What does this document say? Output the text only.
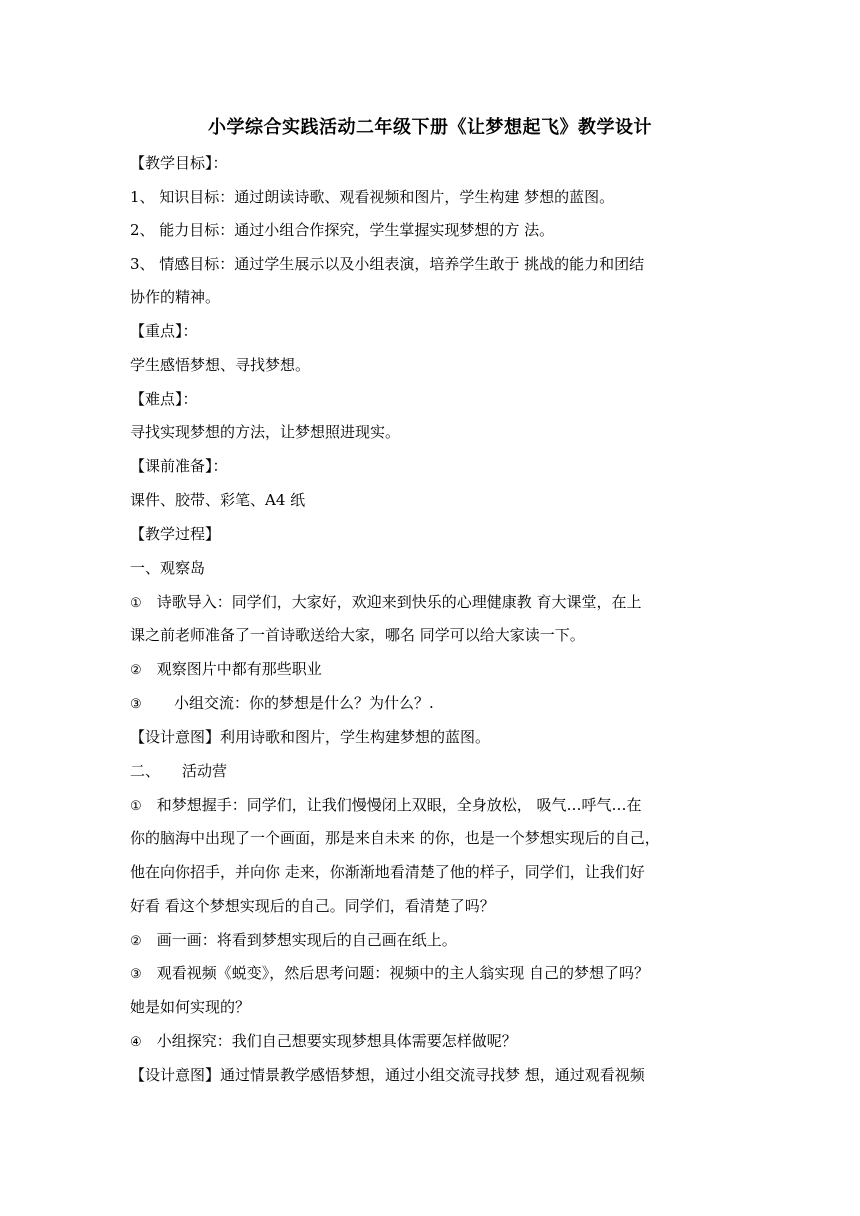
小学综合实践活动二年级下册《让梦想起飞》教学设计
【教学目标】：
1、 知识目标：通过朗读诗歌、观看视频和图片，学生构建 梦想的蓝图。
2、 能力目标：通过小组合作探究，学生掌握实现梦想的方 法。
3、 情感目标：通过学生展示以及小组表演，培养学生敢于 挑战的能力和团结
协作的精神。
【重点】：
学生感悟梦想、寻找梦想。
【难点】：
寻找实现梦想的方法，让梦想照进现实。
【课前准备】：
课件、胶带、彩笔、A4 纸
【教学过程】
一、观察岛
① 诗歌导入：同学们，大家好，欢迎来到快乐的心理健康教 育大课堂，在上
课之前老师准备了一首诗歌送给大家，哪名 同学可以给大家读一下。
② 观察图片中都有那些职业
③ 小组交流：你的梦想是什么？为什么？.
【设计意图】利用诗歌和图片，学生构建梦想的蓝图。
二、 活动营
① 和梦想握手：同学们，让我们慢慢闭上双眼，全身放松， 吸气…呼气…在
你的脑海中出现了一个画面，那是来自未来 的你，也是一个梦想实现后的自己，
他在向你招手，并向你 走来，你渐渐地看清楚了他的样子，同学们，让我们好
好看 看这个梦想实现后的自己。同学们，看清楚了吗？
② 画一画：将看到梦想实现后的自己画在纸上。
③ 观看视频《蜕变》，然后思考问题：视频中的主人翁实现 自己的梦想了吗？
她是如何实现的？
④ 小组探究：我们自己想要实现梦想具体需要怎样做呢？
【设计意图】通过情景教学感悟梦想，通过小组交流寻找梦 想，通过观看视频
